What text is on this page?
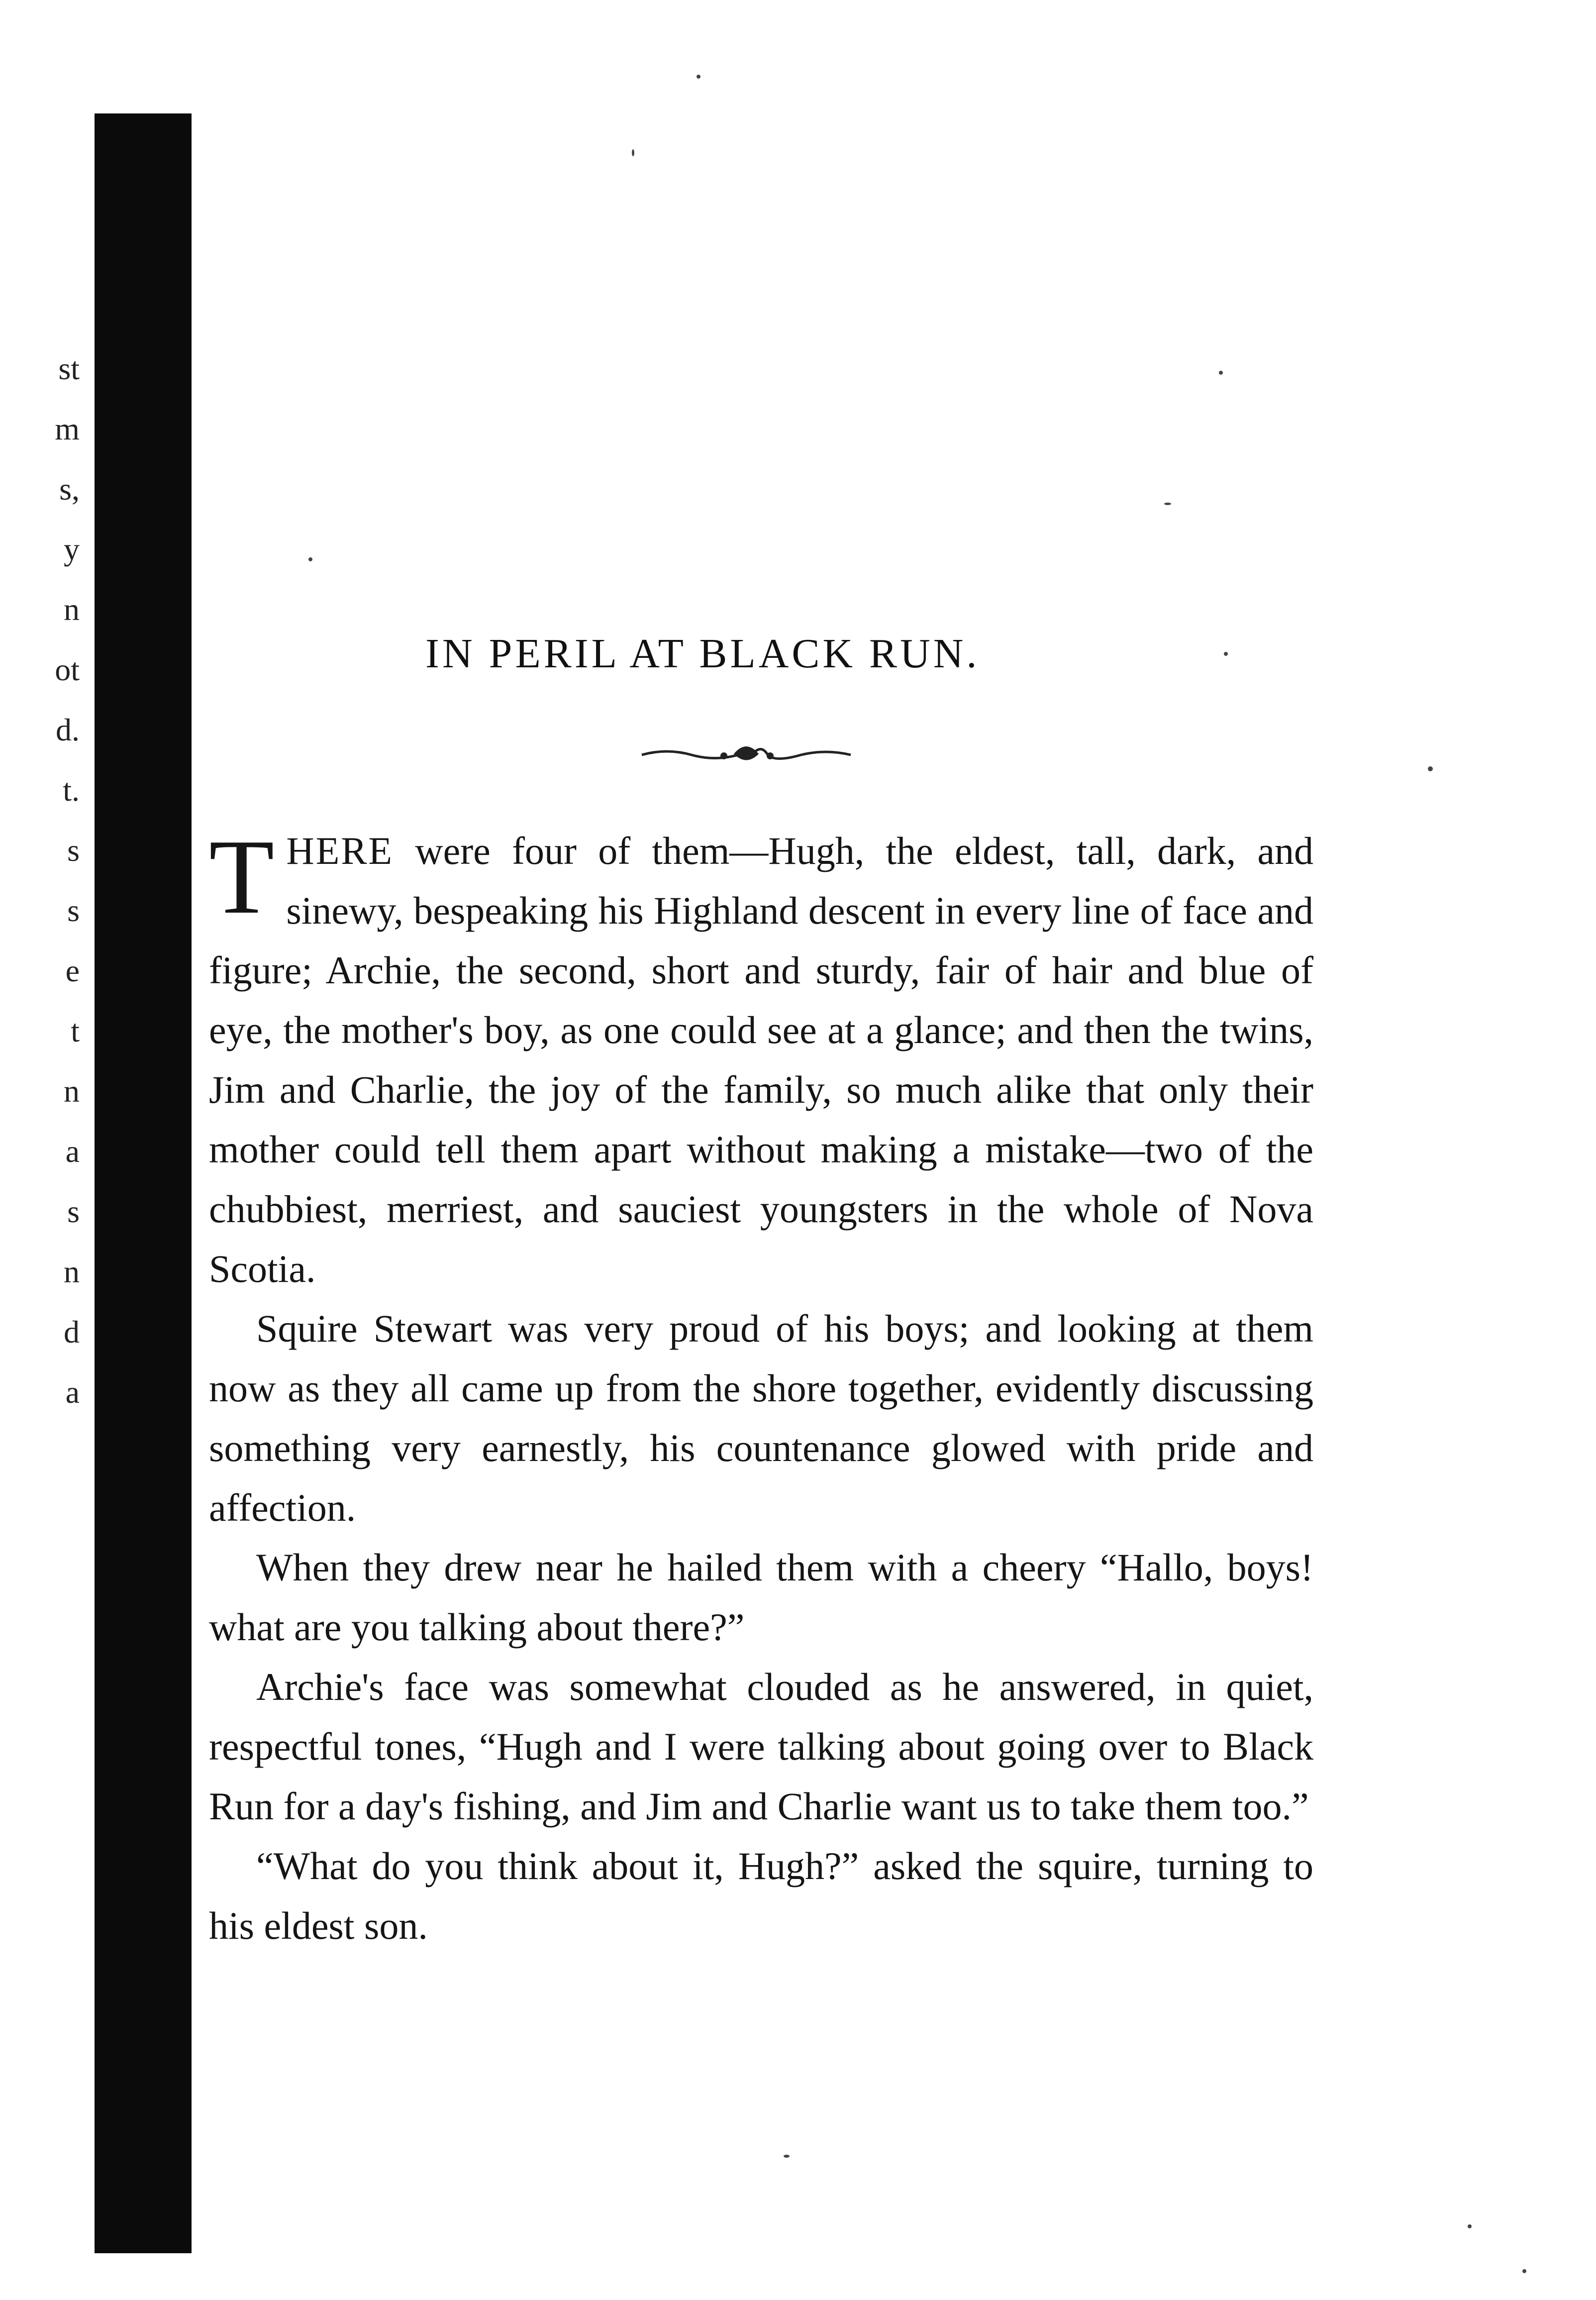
st
m
s,
y
n
ot
d.
t.
s
s
e
t
n
a
s
n
d
a
IN PERIL AT BLACK RUN.

THERE were four of them—Hugh, the eldest, tall, dark, and sinewy, bespeaking his Highland descent in every line of face and figure; Archie, the second, short and sturdy, fair of hair and blue of eye, the mother's boy, as one could see at a glance; and then the twins, Jim and Charlie, the joy of the family, so much alike that only their mother could tell them apart without making a mistake—two of the chubbiest, merriest, and sauciest youngsters in the whole of Nova Scotia.

Squire Stewart was very proud of his boys; and looking at them now as they all came up from the shore together, evidently discussing something very earnestly, his countenance glowed with pride and affection.

When they drew near he hailed them with a cheery “Hallo, boys! what are you talking about there?”

Archie's face was somewhat clouded as he answered, in quiet, respectful tones, “Hugh and I were talking about going over to Black Run for a day's fishing, and Jim and Charlie want us to take them too.”

“What do you think about it, Hugh?” asked the squire, turning to his eldest son.
